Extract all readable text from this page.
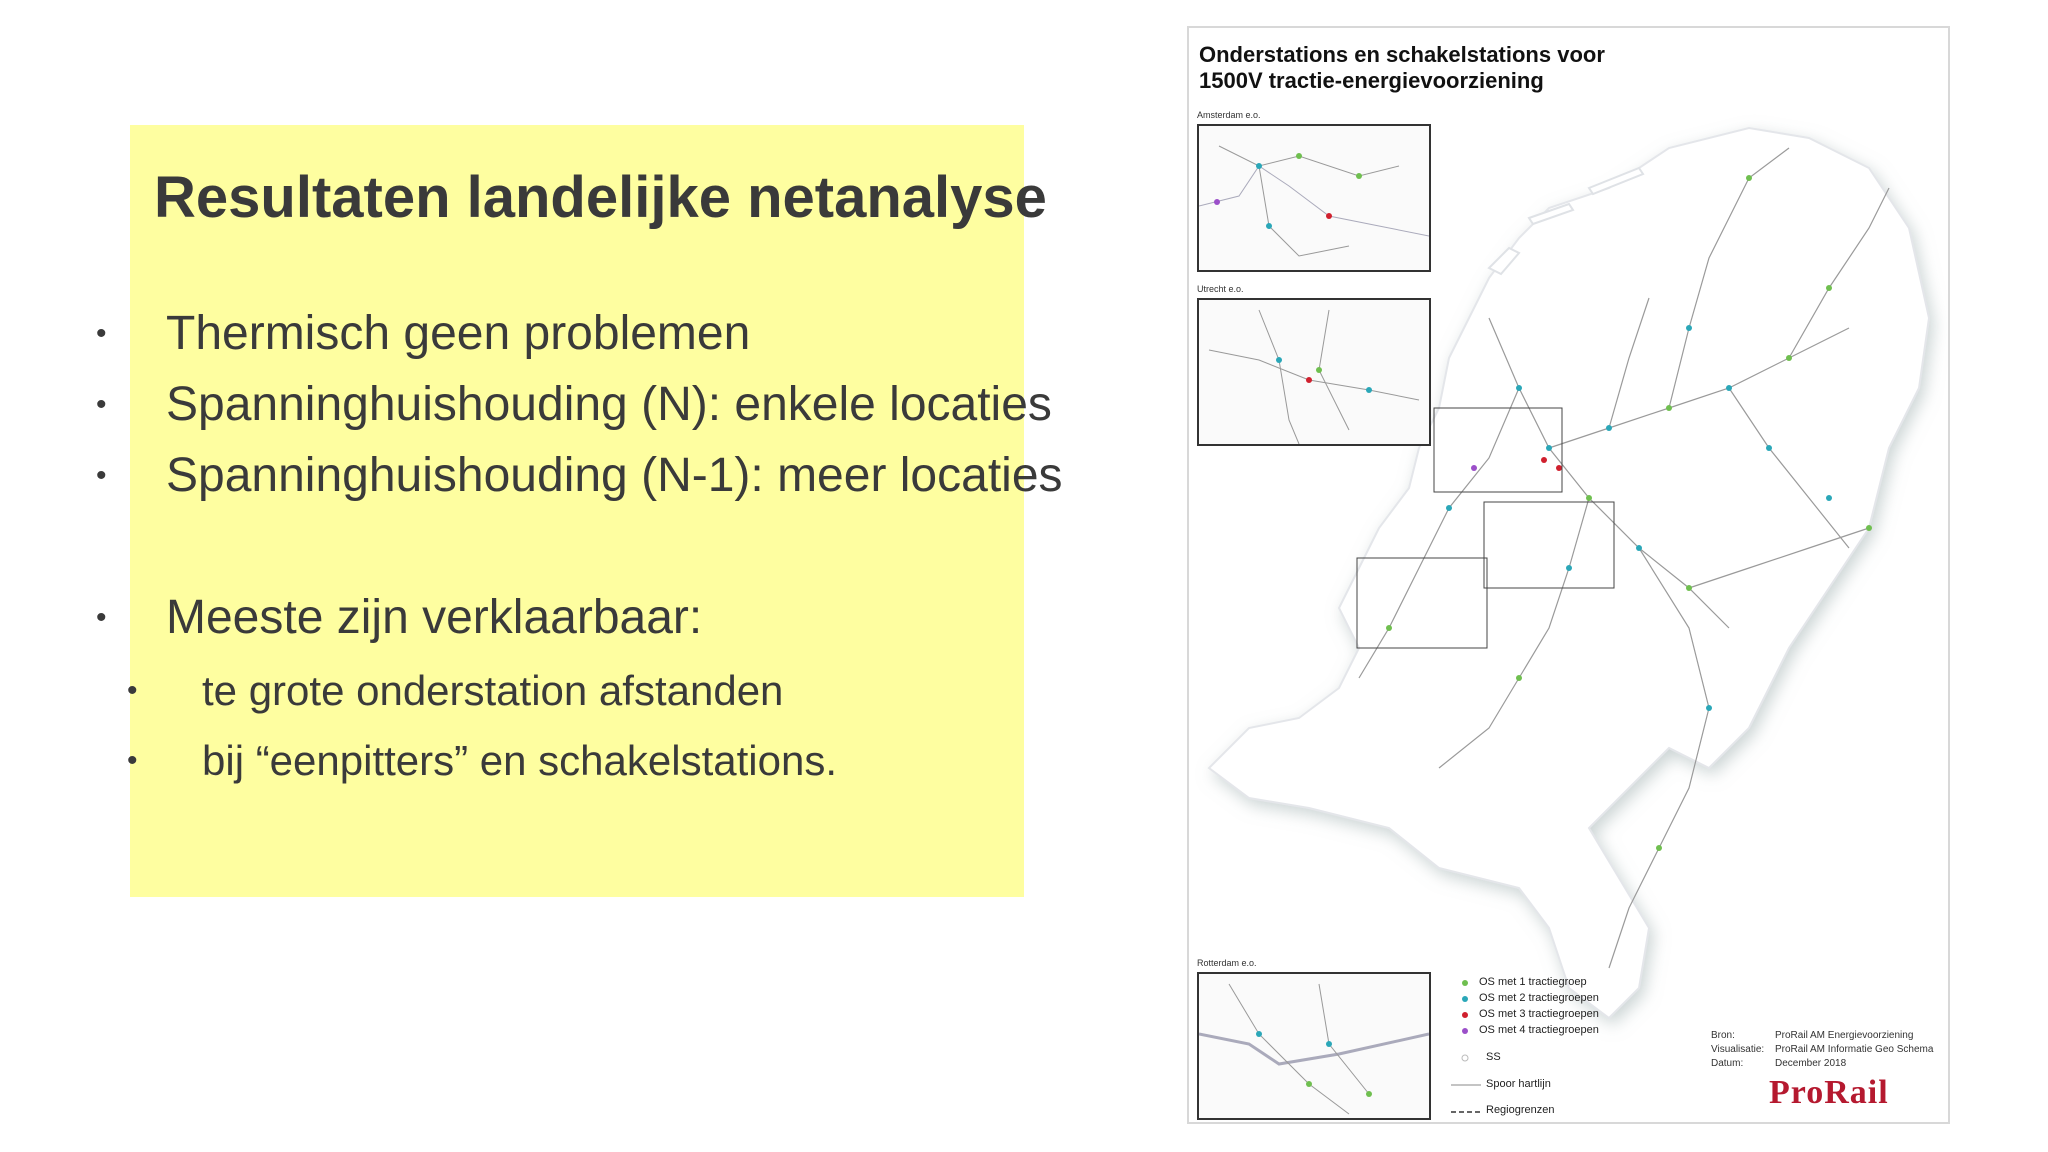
Resultaten landelijke netanalyse
• Thermisch geen problemen
• Spanninghuishouding (N): enkele locaties
• Spanninghuishouding (N-1): meer locaties
• Meeste zijn verklaarbaar:
• te grote onderstation afstanden
• bij “eenpitters” en schakelstations.
Onderstations en schakelstations voor
1500V tractie-energievoorziening
Amsterdam e.o.
Utrecht e.o.
Rotterdam e.o.
OS met 1 tractiegroep
OS met 2 tractiegroepen
OS met 3 tractiegroepen
OS met 4 tractiegroepen
SS
Spoor hartlijn
Regiogrenzen
Bron:	ProRail AM Energievoorziening
Visualisatie: ProRail AM Informatie Geo Schema
Datum:	December 2018
ProRail
